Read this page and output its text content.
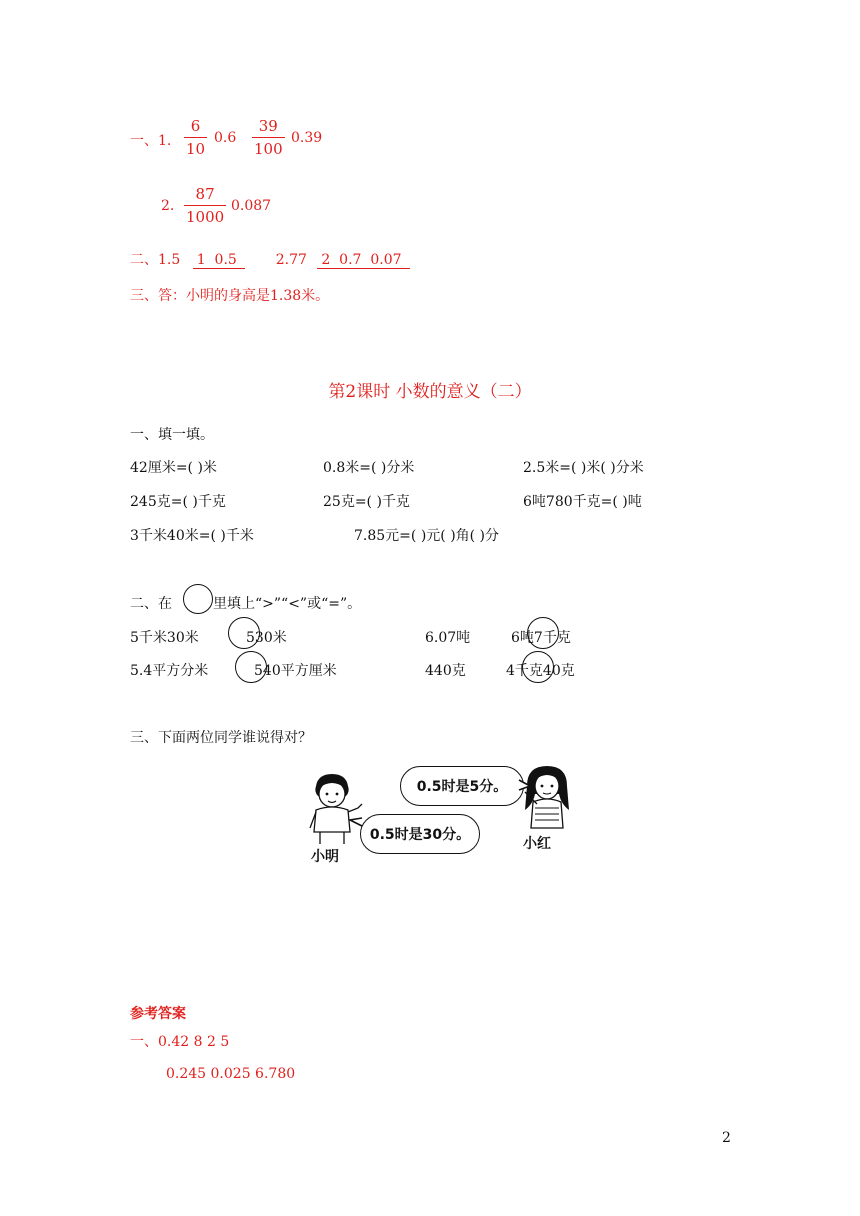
一、1.
6
10
0.6
39
100
0.39
2.
87
1000
0.087
二、1.5 1 0.5	2.77 2 0.7 0.07
三、答：小明的身高是1.38米。
第2课时 小数的意义（二）
一、填一填。
42厘米=( )米	0.8米=( )分米	2.5米=( )米( )分米
245克=( )千克	25克=( )千克	6吨780千克=( )吨
3千米40米=( )千米	7.85元=( )元( )角( )分
二、在	里填上“>”“<”或“=”。
5千米30米	530米	6.07吨	6吨7千克
5.4平方分米	540平方厘米	440克	4千克40克
三、下面两位同学谁说得对？
小明
小红
0.5时是5分。
0.5时是30分。
参考答案
一、0.42 8 2 5
0.245 0.025 6.780
2
